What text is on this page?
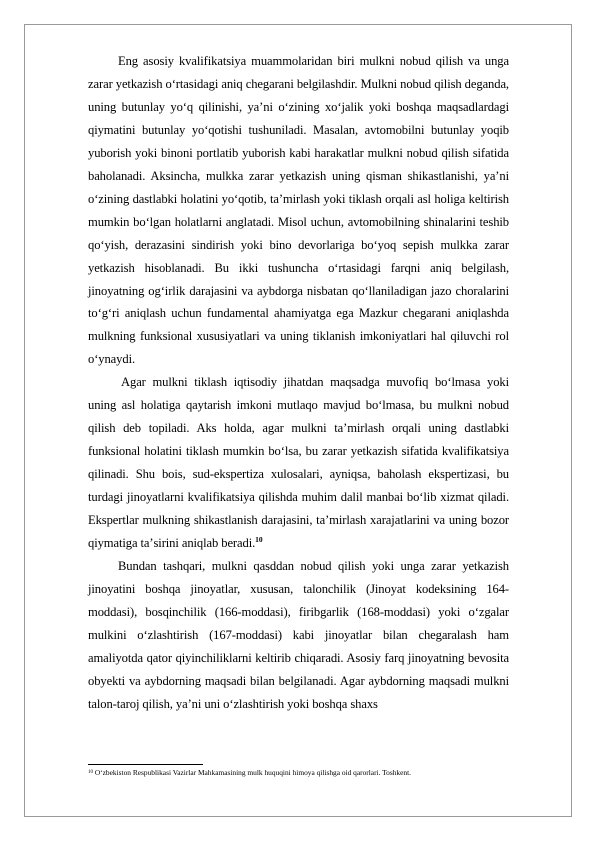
Eng asosiy kvalifikatsiya muammolaridan biri mulkni nobud qilish va unga zarar yetkazish oʻrtasidagi aniq chegarani belgilashdir. Mulkni nobud qilish deganda, uning butunlay yoʻq qilinishi, yaʼni oʻzining xoʻjalik yoki boshqa maqsadlardagi qiymatini butunlay yoʻqotishi tushuniladi. Masalan, avtomobilni butunlay yoqib yuborish yoki binoni portlatib yuborish kabi harakatlar mulkni nobud qilish sifatida baholanadi. Aksincha, mulkka zarar yetkazish uning qisman shikastlanishi, yaʼni oʻzining dastlabki holatini yoʻqotib, taʼmirlash yoki tiklash orqali asl holiga keltirish mumkin boʻlgan holatlarni anglatadi. Misol uchun, avtomobilning shinalarini teshib qoʻyish, derazasini sindirish yoki bino devorlariga boʻyoq sepish mulkka zarar yetkazish hisoblanadi. Bu ikki tushuncha oʻrtasidagi farqni aniq belgilash, jinoyatning ogʻirlik darajasini va aybdorga nisbatan qoʻllaniladigan jazo choralarini toʻgʻri aniqlash uchun fundamental ahamiyatga ega Mazkur chegarani aniqlashda mulkning funksional xususiyatlari va uning tiklanish imkoniyatlari hal qiluvchi rol oʻynaydi.

Agar mulkni tiklash iqtisodiy jihatdan maqsadga muvofiq boʻlmasa yoki uning asl holatiga qaytarish imkoni mutlaqo mavjud boʻlmasa, bu mulkni nobud qilish deb topiladi. Aks holda, agar mulkni taʼmirlash orqali uning dastlabki funksional holatini tiklash mumkin boʻlsa, bu zarar yetkazish sifatida kvalifikatsiya qilinadi. Shu bois, sud-ekspertiza xulosalari, ayniqsa, baholash ekspertizasi, bu turdagi jinoyatlarni kvalifikatsiya qilishda muhim dalil manbai boʻlib xizmat qiladi. Ekspertlar mulkning shikastlanish darajasini, taʼmirlash xarajatlarini va uning bozor qiymatiga taʼsirini aniqlab beradi.$^{10}$

Bundan tashqari, mulkni qasddan nobud qilish yoki unga zarar yetkazish jinoyatini boshqa jinoyatlar, xususan, talonchilik (Jinoyat kodeksining 164-moddasi), bosqinchilik (166-moddasi), firibgarlik (168-moddasi) yoki oʻzgalar mulkini oʻzlashtirish (167-moddasi) kabi jinoyatlar bilan chegaralash ham amaliyotda qator qiyinchiliklarni keltirib chiqaradi. Asosiy farq jinoyatning bevosita obyekti va aybdorning maqsadi bilan belgilanadi. Agar aybdorning maqsadi mulkni talon-taroj qilish, yaʼni uni oʻzlashtirish yoki boshqa shaxs

$^{10}$ Oʻzbekiston Respublikasi Vazirlar Mahkamasining mulk huquqini himoya qilishga oid qarorlari. Toshkent.
